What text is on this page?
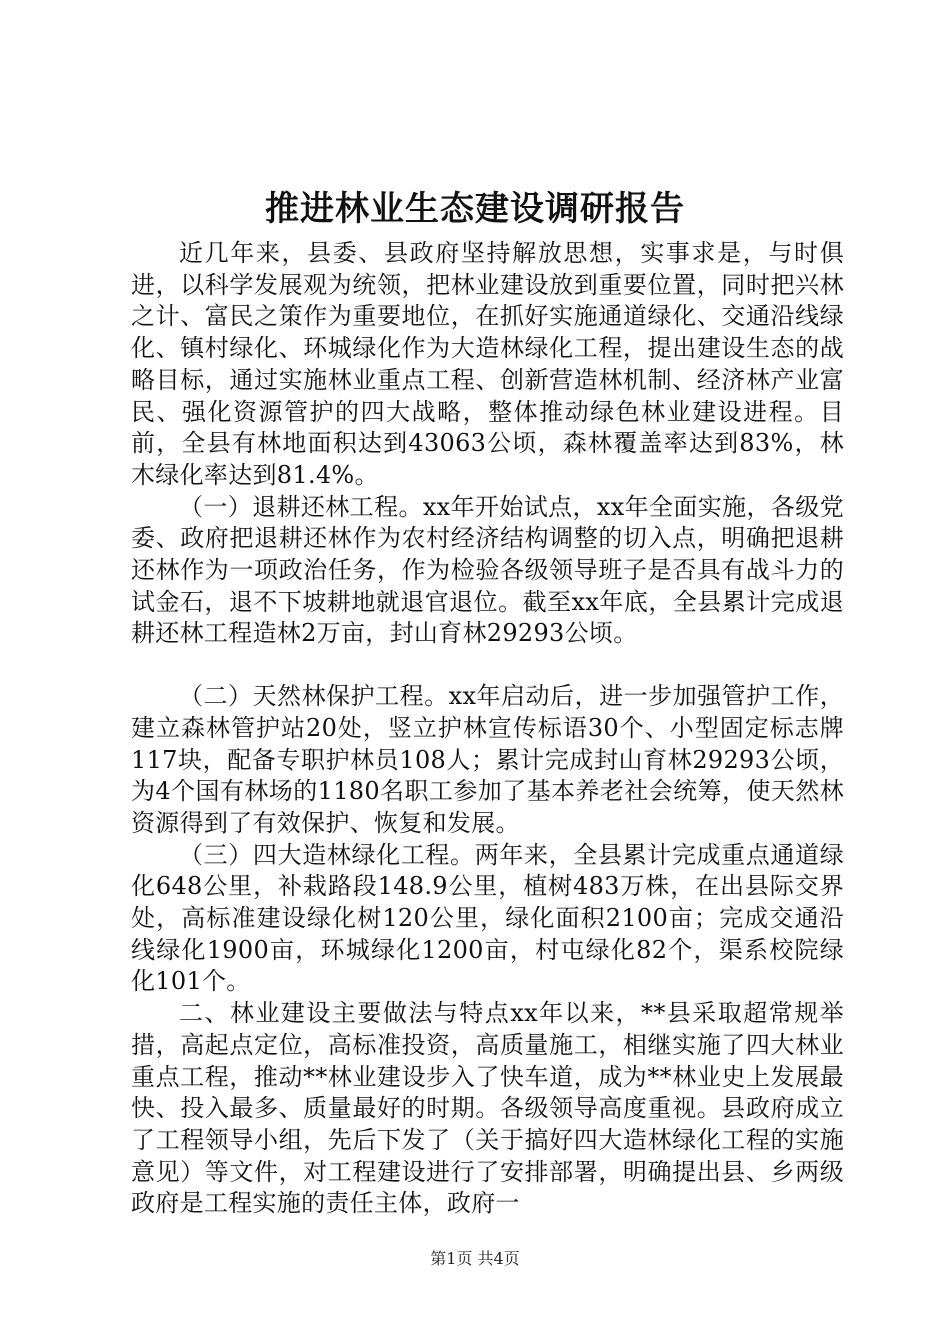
推进林业生态建设调研报告

近几年来，县委、县政府坚持解放思想，实事求是，与时俱进，以科学发展观为统领，把林业建设放到重要位置，同时把兴林之计、富民之策作为重要地位，在抓好实施通道绿化、交通沿线绿化、镇村绿化、环城绿化作为大造林绿化工程，提出建设生态的战略目标，通过实施林业重点工程、创新营造林机制、经济林产业富民、强化资源管护的四大战略，整体推动绿色林业建设进程。目前，全县有林地面积达到43063公顷，森林覆盖率达到83%，林木绿化率达到81.4%。

（一）退耕还林工程。xx年开始试点，xx年全面实施，各级党委、政府把退耕还林作为农村经济结构调整的切入点，明确把退耕还林作为一项政治任务，作为检验各级领导班子是否具有战斗力的试金石，退不下坡耕地就退官退位。截至xx年底，全县累计完成退耕还林工程造林2万亩，封山育林29293公顷。

（二）天然林保护工程。xx年启动后，进一步加强管护工作，建立森林管护站20处，竖立护林宣传标语30个、小型固定标志牌117块，配备专职护林员108人；累计完成封山育林29293公顷，为4个国有林场的1180名职工参加了基本养老社会统筹，使天然林资源得到了有效保护、恢复和发展。

（三）四大造林绿化工程。两年来，全县累计完成重点通道绿化648公里，补栽路段148.9公里，植树483万株，在出县际交界处，高标准建设绿化树120公里，绿化面积2100亩；完成交通沿线绿化1900亩，环城绿化1200亩，村屯绿化82个，渠系校院绿化101个。

二、林业建设主要做法与特点xx年以来，**县采取超常规举措，高起点定位，高标准投资，高质量施工，相继实施了四大林业重点工程，推动**林业建设步入了快车道，成为**林业史上发展最快、投入最多、质量最好的时期。各级领导高度重视。县政府成立了工程领导小组，先后下发了（关于搞好四大造林绿化工程的实施意见）等文件，对工程建设进行了安排部署，明确提出县、乡两级政府是工程实施的责任主体，政府一

第1页 共4页
